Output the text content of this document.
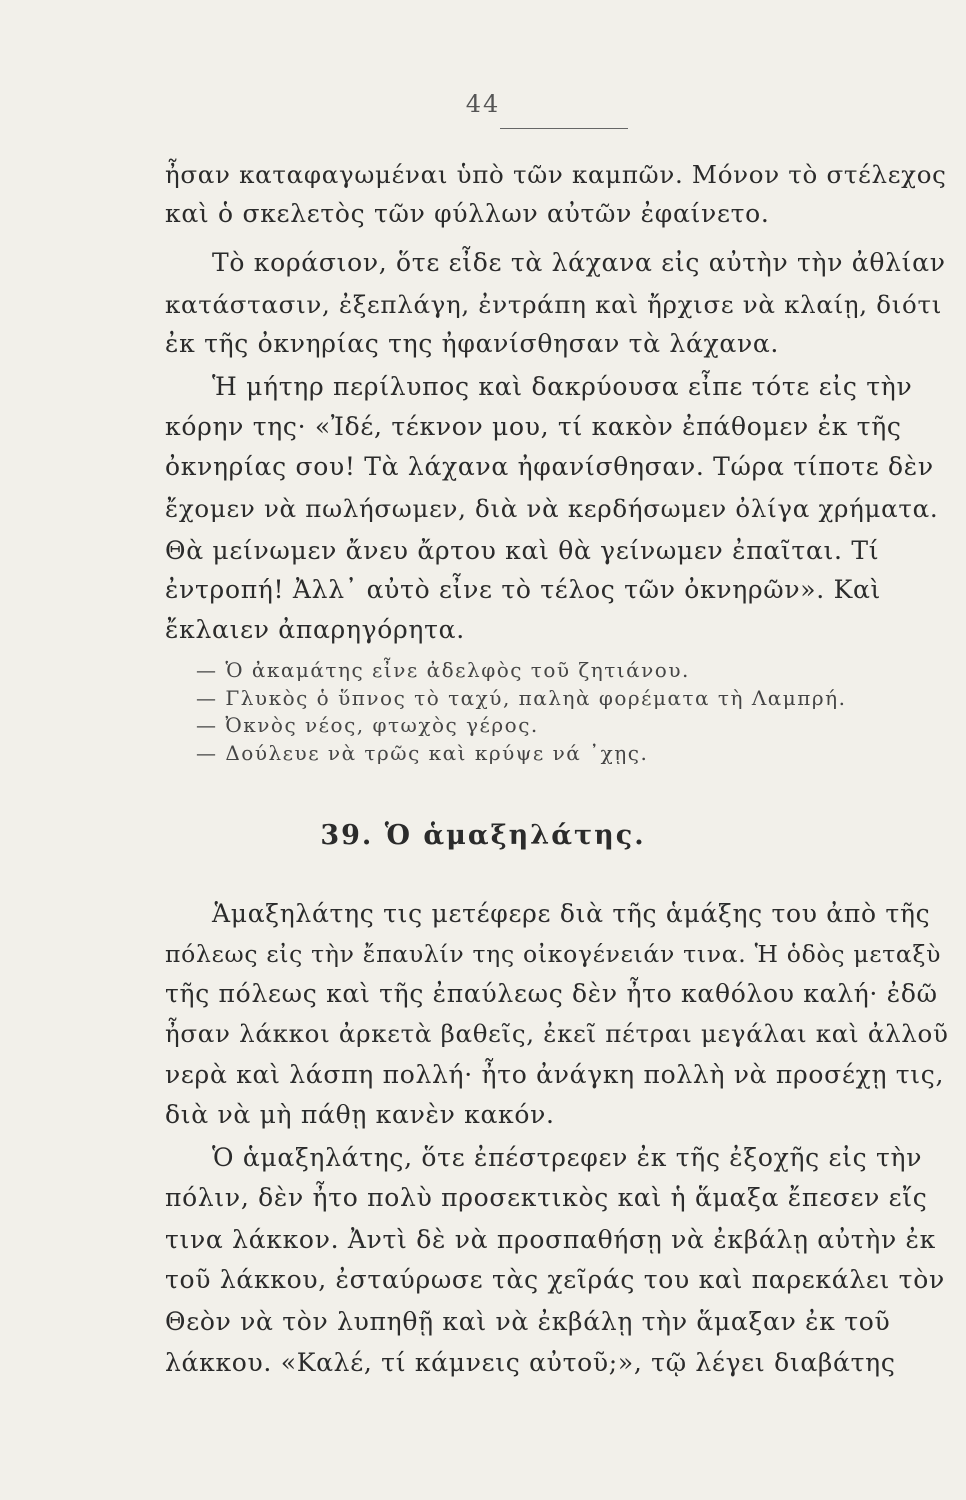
44
ἦσαν καταφαγωμέναι ὑπὸ τῶν καμπῶν. Μόνον τὸ στέλεχος
καὶ ὁ σκελετὸς τῶν φύλλων αὐτῶν ἐφαίνετο.
Τὸ κοράσιον, ὅτε εἶδε τὰ λάχανα εἰς αὐτὴν τὴν ἀθλίαν
κατάστασιν, ἐξεπλάγη, ἐντράπη καὶ ἤρχισε νὰ κλαίῃ, διότι
ἐκ τῆς ὀκνηρίας της ἠφανίσθησαν τὰ λάχανα.
Ἡ μήτηρ περίλυπος καὶ δακρύουσα εἶπε τότε εἰς τὴν
κόρην της· «Ἰδέ, τέκνον μου, τί κακὸν ἐπάθομεν ἐκ τῆς
ὀκνηρίας σου! Τὰ λάχανα ἠφανίσθησαν. Τώρα τίποτε δὲν
ἔχομεν νὰ πωλήσωμεν, διὰ νὰ κερδήσωμεν ὀλίγα χρήματα.
Θὰ μείνωμεν ἄνευ ἄρτου καὶ θὰ γείνωμεν ἐπαῖται. Τί
ἐντροπή! Ἀλλ᾽ αὐτὸ εἶνε τὸ τέλος τῶν ὀκνηρῶν». Καὶ
ἔκλαιεν ἀπαρηγόρητα.
— Ὁ ἀκαμάτης εἶνε ἀδελφὸς τοῦ ζητιάνου.
— Γλυκὸς ὁ ὕπνος τὸ ταχύ, παληὰ φορέματα τὴ Λαμπρή.
— Ὀκνὸς νέος, φτωχὸς γέρος.
— Δούλευε νὰ τρῶς καὶ κρύψε νά ᾽χῃς.
39. Ὁ ἁμαξηλάτης.
Ἁμαξηλάτης τις μετέφερε διὰ τῆς ἁμάξης του ἀπὸ τῆς
πόλεως εἰς τὴν ἔπαυλίν της οἰκογένειάν τινα. Ἡ ὁδὸς μεταξὺ
τῆς πόλεως καὶ τῆς ἐπαύλεως δὲν ἦτο καθόλου καλή· ἐδῶ
ἦσαν λάκκοι ἀρκετὰ βαθεῖς, ἐκεῖ πέτραι μεγάλαι καὶ ἀλλοῦ
νερὰ καὶ λάσπη πολλή· ἦτο ἀνάγκη πολλὴ νὰ προσέχῃ τις,
διὰ νὰ μὴ πάθῃ κανὲν κακόν.
Ὁ ἁμαξηλάτης, ὅτε ἐπέστρεφεν ἐκ τῆς ἐξοχῆς εἰς τὴν
πόλιν, δὲν ἦτο πολὺ προσεκτικὸς καὶ ἡ ἅμαξα ἔπεσεν εἴς
τινα λάκκον. Ἀντὶ δὲ νὰ προσπαθήσῃ νὰ ἐκβάλῃ αὐτὴν ἐκ
τοῦ λάκκου, ἐσταύρωσε τὰς χεῖράς του καὶ παρεκάλει τὸν
Θεὸν νὰ τὸν λυπηθῇ καὶ νὰ ἐκβάλῃ τὴν ἅμαξαν ἐκ τοῦ
λάκκου. «Καλέ, τί κάμνεις αὐτοῦ;», τῷ λέγει διαβάτης
